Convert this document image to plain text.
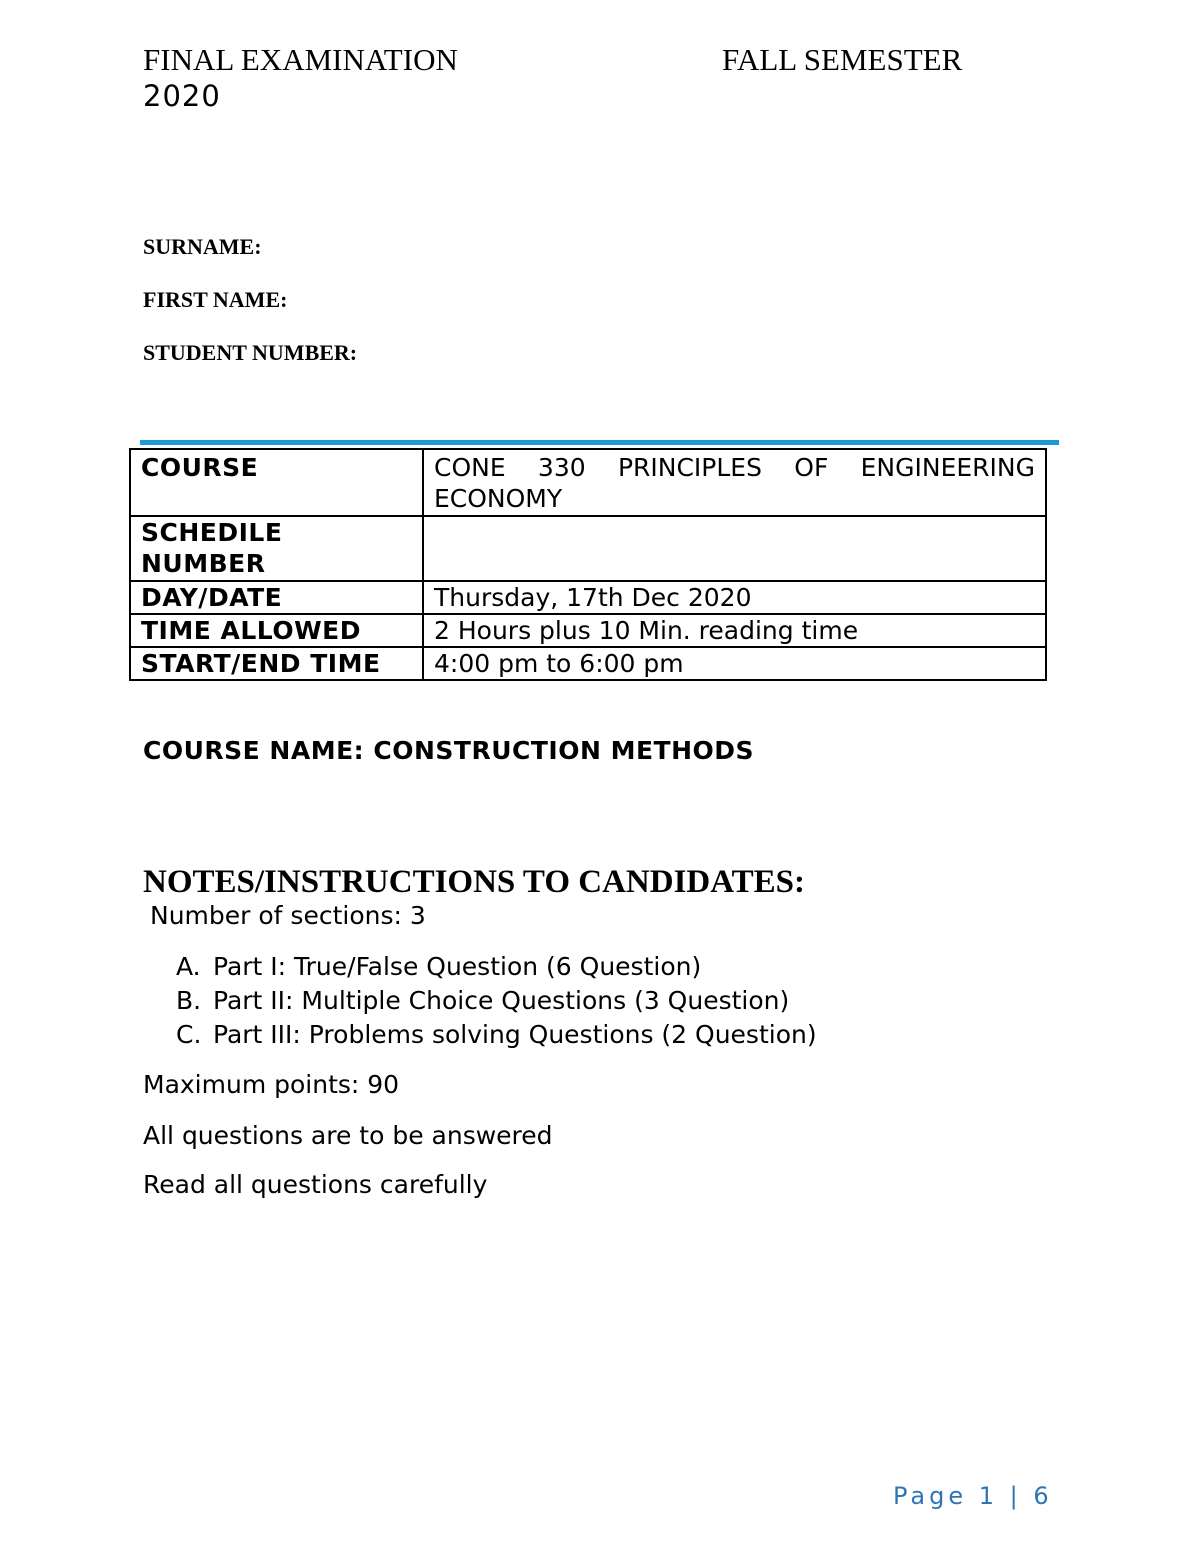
FINAL EXAMINATION	FALL SEMESTER
2020
SURNAME:
FIRST NAME:
STUDENT NUMBER:
COURSE	CONE 330 PRINCIPLES OF ENGINEERING ECONOMY
SCHEDILE NUMBER	
DAY/DATE	Thursday, 17th Dec 2020
TIME ALLOWED	2 Hours plus 10 Min. reading time
START/END TIME	4:00 pm to 6:00 pm
COURSE NAME: CONSTRUCTION METHODS
NOTES/INSTRUCTIONS TO CANDIDATES:
Number of sections: 3
A. Part I: True/False Question (6 Question)
B. Part II: Multiple Choice Questions (3 Question)
C. Part III: Problems solving Questions (2 Question)
Maximum points: 90
All questions are to be answered
Read all questions carefully
Page 1 | 6
